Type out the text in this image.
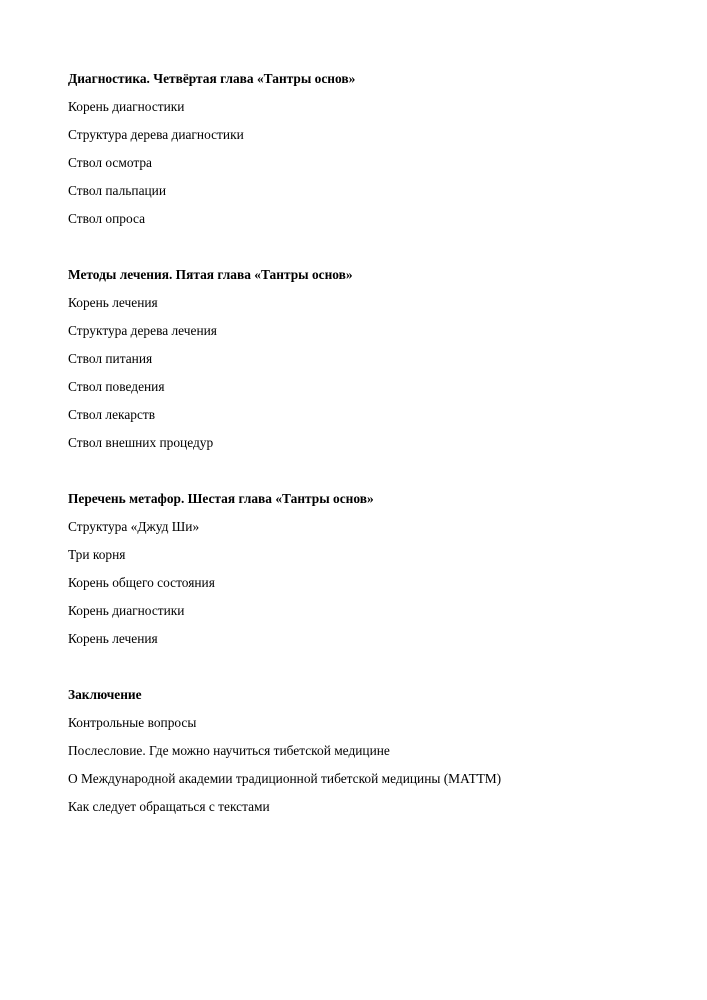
Диагностика. Четвёртая глава «Тантры основ»
Корень диагностики
Структура дерева диагностики
Ствол осмотра
Ствол пальпации
Ствол опроса
Методы лечения. Пятая глава «Тантры основ»
Корень лечения
Структура дерева лечения
Ствол питания
Ствол поведения
Ствол лекарств
Ствол внешних процедур
Перечень метафор. Шестая глава «Тантры основ»
Структура «Джуд Ши»
Три корня
Корень общего состояния
Корень диагностики
Корень лечения
Заключение
Контрольные вопросы
Послесловие. Где можно научиться тибетской медицине
О Международной академии традиционной тибетской медицины (МАТТМ)
Как следует обращаться с текстами
